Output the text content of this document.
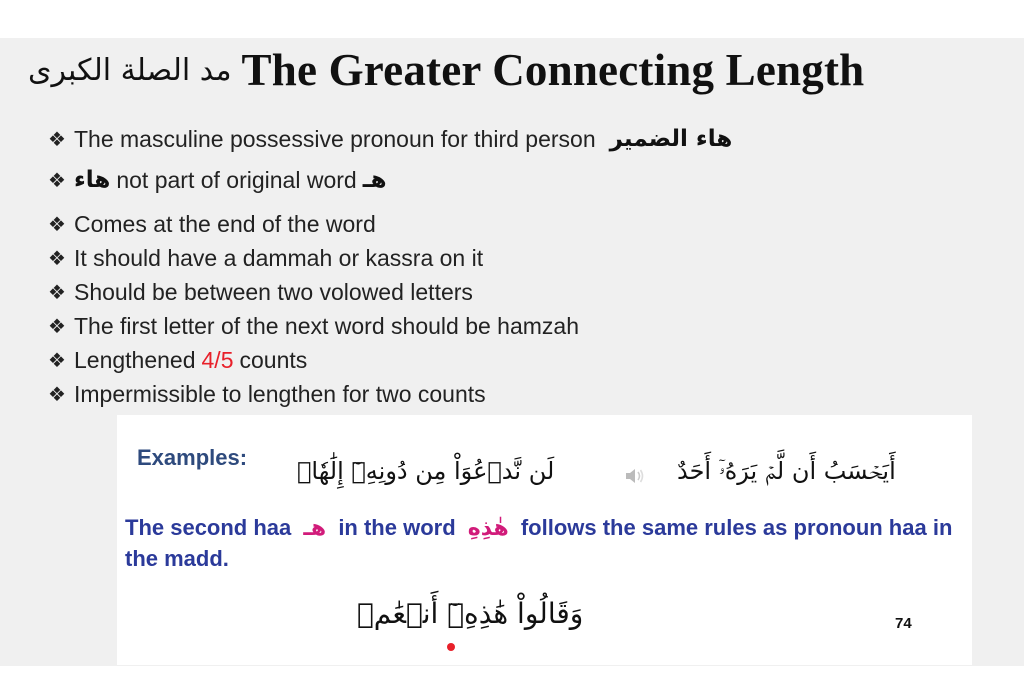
مد الصلة الكبرى The Greater Connecting Length
❖ The masculine possessive pronoun for third person هاء الضمير
❖ هاء not part of original word هـ
❖ Comes at the end of the word
❖ It should have a dammah or kassra on it
❖ Should be between two volowed letters
❖ The first letter of the next word should be hamzah
❖ Lengthened 4/5 counts
❖ Impermissible to lengthen for two counts
Examples: لَن نَّدۡعُوَاْ مِن دُونِهِۦٓ إِلَٰهٗاۖ	أَيَحۡسَبُ أَن لَّمۡ يَرَهُۥٓ أَحَدٌ
The second haa هـ in the word هٰذِهِ follows the same rules as pronoun haa in the madd.
وَقَالُواْ هَٰذِهِۦٓ أَنۡعَٰمٞ	74
